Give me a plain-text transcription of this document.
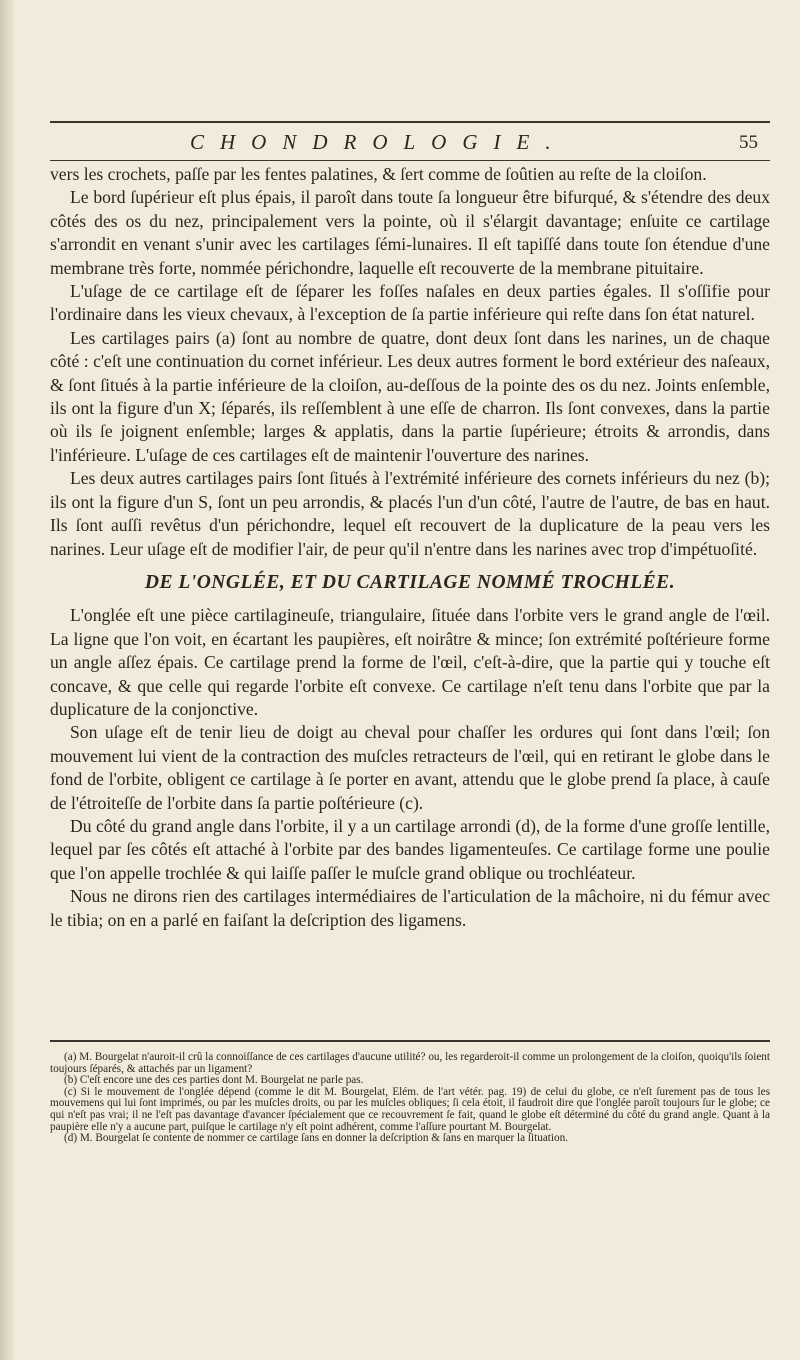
CHONDROLOGIE.	55

vers les crochets, paſſe par les fentes palatines, & ſert comme de ſoûtien au reſte de la cloiſon.

Le bord ſupérieur eſt plus épais, il paroît dans toute ſa longueur être bifurqué, & s'étendre des deux côtés des os du nez, principalement vers la pointe, où il s'élargit davantage; enſuite ce cartilage s'arrondit en venant s'unir avec les cartilages ſémi-lunaires. Il eſt tapiſſé dans toute ſon étendue d'une membrane très forte, nommée périchondre, laquelle eſt recouverte de la membrane pituitaire.

L'uſage de ce cartilage eſt de ſéparer les foſſes naſales en deux parties égales. Il s'oſſifie pour l'ordinaire dans les vieux chevaux, à l'exception de ſa partie inférieure qui reſte dans ſon état naturel.

Les cartilages pairs (a) ſont au nombre de quatre, dont deux ſont dans les narines, un de chaque côté : c'eſt une continuation du cornet inférieur. Les deux autres forment le bord extérieur des naſeaux, & ſont ſitués à la partie inférieure de la cloiſon, au-deſſous de la pointe des os du nez. Joints enſemble, ils ont la figure d'un X; ſéparés, ils reſſemblent à une eſſe de charron. Ils ſont convexes, dans la partie où ils ſe joignent enſemble; larges & applatis, dans la partie ſupérieure; étroits & arrondis, dans l'inférieure. L'uſage de ces cartilages eſt de maintenir l'ouverture des narines.

Les deux autres cartilages pairs ſont ſitués à l'extrémité inférieure des cornets inférieurs du nez (b); ils ont la figure d'un S, ſont un peu arrondis, & placés l'un d'un côté, l'autre de l'autre, de bas en haut. Ils ſont auſſi revêtus d'un périchondre, lequel eſt recouvert de la duplicature de la peau vers les narines. Leur uſage eſt de modifier l'air, de peur qu'il n'entre dans les narines avec trop d'impétuoſité.

DE L'ONGLÉE, ET DU CARTILAGE NOMMÉ TROCHLÉE.

L'onglée eſt une pièce cartilagineuſe, triangulaire, ſituée dans l'orbite vers le grand angle de l'œil. La ligne que l'on voit, en écartant les paupières, eſt noirâtre & mince; ſon extrémité poſtérieure forme un angle aſſez épais. Ce cartilage prend la forme de l'œil, c'eſt-à-dire, que la partie qui y touche eſt concave, & que celle qui regarde l'orbite eſt convexe. Ce cartilage n'eſt tenu dans l'orbite que par la duplicature de la conjonctive.

Son uſage eſt de tenir lieu de doigt au cheval pour chaſſer les ordures qui ſont dans l'œil; ſon mouvement lui vient de la contraction des muſcles retracteurs de l'œil, qui en retirant le globe dans le fond de l'orbite, obligent ce cartilage à ſe porter en avant, attendu que le globe prend ſa place, à cauſe de l'étroiteſſe de l'orbite dans ſa partie poſtérieure (c).

Du côté du grand angle dans l'orbite, il y a un cartilage arrondi (d), de la forme d'une groſſe lentille, lequel par ſes côtés eſt attaché à l'orbite par des bandes ligamenteuſes. Ce cartilage forme une poulie que l'on appelle trochlée & qui laiſſe paſſer le muſcle grand oblique ou trochléateur.

Nous ne dirons rien des cartilages intermédiaires de l'articulation de la mâchoire, ni du fémur avec le tibia; on en a parlé en faiſant la deſcription des ligamens.

(a) M. Bourgelat n'auroit-il crû la connoiſſance de ces cartilages d'aucune utilité? ou, les regarderoit-il comme un prolongement de la cloiſon, quoiqu'ils ſoient toujours ſéparés, & attachés par un ligament?

(b) C'eſt encore une des ces parties dont M. Bourgelat ne parle pas.

(c) Si le mouvement de l'onglée dépend (comme le dit M. Bourgelat, Elém. de l'art vétér. pag. 19) de celui du globe, ce n'eſt ſurement pas de tous les mouvemens qui lui ſont imprimés, ou par les muſcles droits, ou par les muſcles obliques; ſi cela étoit, il faudroit dire que l'onglée paroît toujours ſur le globe; ce qui n'eſt pas vrai; il ne l'eſt pas davantage d'avancer ſpécialement que ce recouvrement ſe fait, quand le globe eſt déterminé du côté du grand angle. Quant à la paupière elle n'y a aucune part, puiſque le cartilage n'y eſt point adhérent, comme l'aſſure pourtant M. Bourgelat.

(d) M. Bourgelat ſe contente de nommer ce cartilage ſans en donner la deſcription & ſans en marquer la ſituation.
